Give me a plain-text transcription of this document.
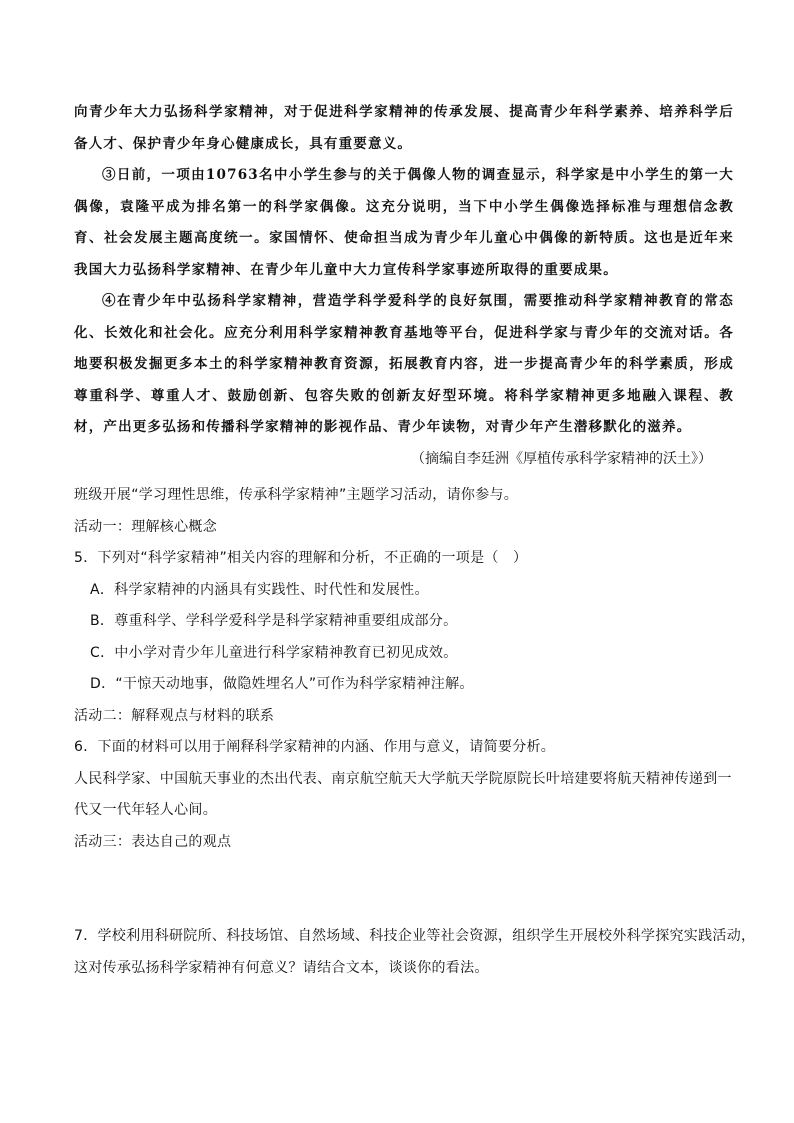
向青少年大力弘扬科学家精神，对于促进科学家精神的传承发展、提高青少年科学素养、培养科学后备人才、保护青少年身心健康成长，具有重要意义。

③日前，一项由10763名中小学生参与的关于偶像人物的调查显示，科学家是中小学生的第一大偶像，袁隆平成为排名第一的科学家偶像。这充分说明，当下中小学生偶像选择标准与理想信念教育、社会发展主题高度统一。家国情怀、使命担当成为青少年儿童心中偶像的新特质。这也是近年来我国大力弘扬科学家精神、在青少年儿童中大力宣传科学家事迹所取得的重要成果。

④在青少年中弘扬科学家精神，营造学科学爱科学的良好氛围，需要推动科学家精神教育的常态化、长效化和社会化。应充分利用科学家精神教育基地等平台，促进科学家与青少年的交流对话。各地要积极发掘更多本土的科学家精神教育资源，拓展教育内容，进一步提高青少年的科学素质，形成尊重科学、尊重人才、鼓励创新、包容失败的创新友好型环境。将科学家精神更多地融入课程、教材，产出更多弘扬和传播科学家精神的影视作品、青少年读物，对青少年产生潜移默化的滋养。

（摘编自李廷洲《厚植传承科学家精神的沃土》）

班级开展“学习理性思维，传承科学家精神”主题学习活动，请你参与。

活动一：理解核心概念

5．下列对“科学家精神”相关内容的理解和分析，不正确的一项是（　）

A．科学家精神的内涵具有实践性、时代性和发展性。

B．尊重科学、学科学爱科学是科学家精神重要组成部分。

C．中小学对青少年儿童进行科学家精神教育已初见成效。

D．“干惊天动地事，做隐姓埋名人”可作为科学家精神注解。

活动二：解释观点与材料的联系

6．下面的材料可以用于阐释科学家精神的内涵、作用与意义，请简要分析。

人民科学家、中国航天事业的杰出代表、南京航空航天大学航天学院原院长叶培建要将航天精神传递到一

代又一代年轻人心间。

活动三：表达自己的观点

7．学校利用科研院所、科技场馆、自然场域、科技企业等社会资源，组织学生开展校外科学探究实践活动，

这对传承弘扬科学家精神有何意义？请结合文本，谈谈你的看法。
